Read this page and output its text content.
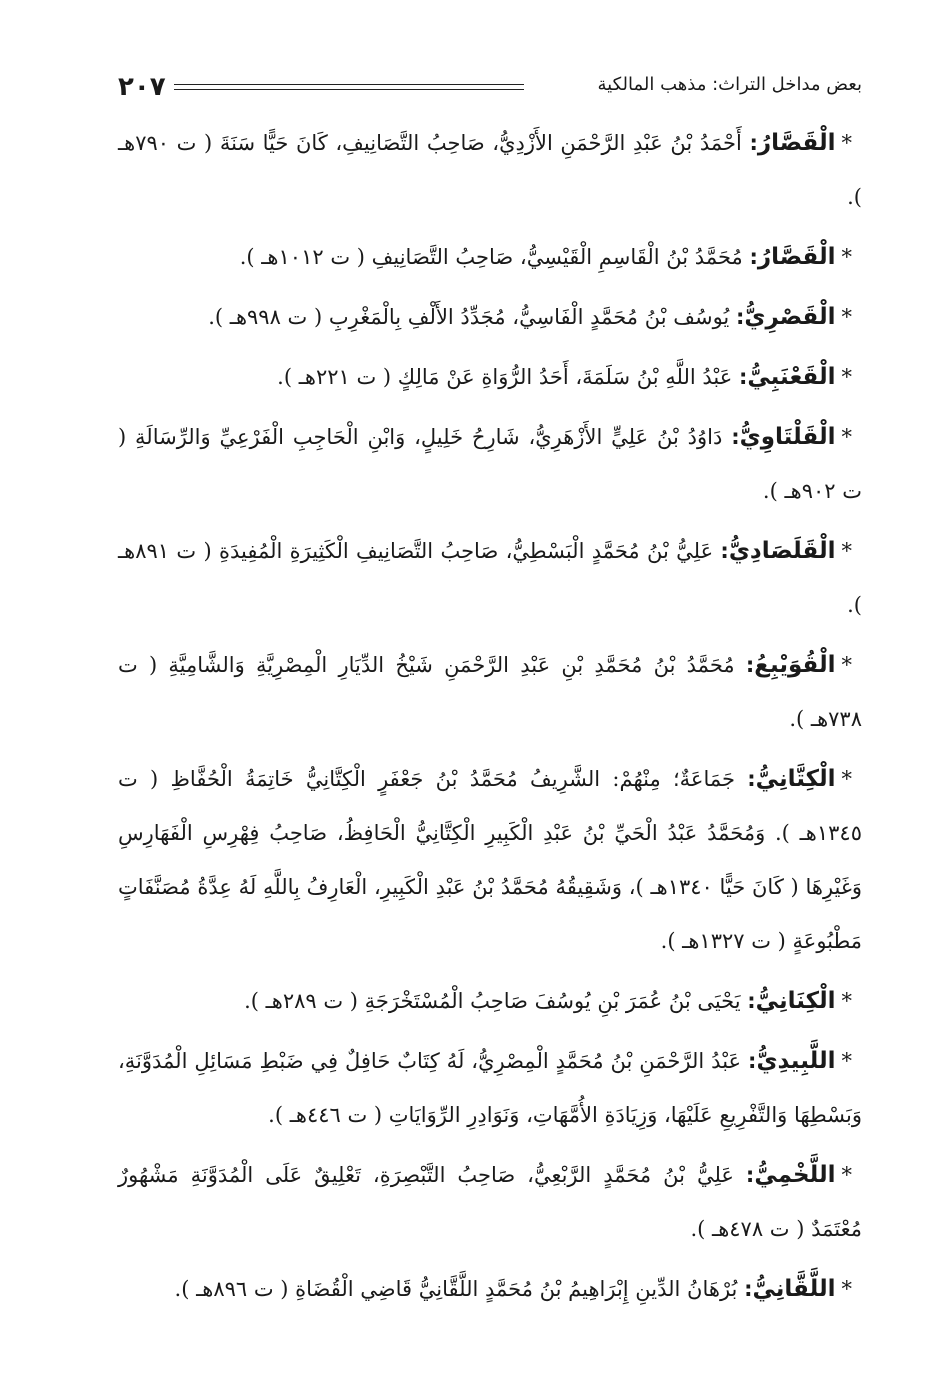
٢٠٧	بعض مداخل التراث: مذهب المالكية

*الْقَصَّارُ: أَحْمَدُ بْنُ عَبْدِ الرَّحْمَنِ الأَزْدِيُّ، صَاحِبُ التَّصَانِيفِ، كَانَ حَيًّا سَنَةَ ( ت ٧٩٠هـ ).

*الْقَصَّارُ: مُحَمَّدُ بْنُ الْقَاسِمِ الْقَيْسِيُّ، صَاحِبُ التَّصَانِيفِ ( ت ١٠١٢هـ ).

*الْقَصْرِيُّ: يُوسُف بْنُ مُحَمَّدٍ الْفَاسِيُّ، مُجَدِّدُ الأَلْفِ بِالْمَغْرِبِ ( ت ٩٩٨هـ ).

*الْقَعْنَبِيُّ: عَبْدُ اللَّهِ بْنُ سَلَمَةَ، أَحَدُ الرُّوَاةِ عَنْ مَالِكٍ ( ت ٢٢١هـ ).

*الْقَلْتَاوِيُّ: دَاوُدُ بْنُ عَلِيٍّ الأَزْهَرِيُّ، شَارِحُ خَلِيلٍ، وَابْنِ الْحَاجِبِ الْفَرْعِيِّ وَالرِّسَالَةِ ( ت ٩٠٢هـ ).

*الْقَلَصَادِيُّ: عَلِيُّ بْنُ مُحَمَّدٍ الْبَسْطِيُّ، صَاحِبُ التَّصَانِيفِ الْكَثِيرَةِ الْمُفِيدَةِ ( ت ٨٩١هـ ).

*الْقُوَيْبِعُ: مُحَمَّدُ بْنُ مُحَمَّدِ بْنِ عَبْدِ الرَّحْمَنِ شَيْخُ الدِّيَارِ الْمِصْرِيَّةِ وَالشَّامِيَّةِ ( ت ٧٣٨هـ ).

*الْكِتَّانِيُّ: جَمَاعَةٌ؛ مِنْهُمْ: الشَّرِيفُ مُحَمَّدُ بْنُ جَعْفَرٍ الْكِتَّانِيُّ خَاتِمَةُ الْحُفَّاظِ ( ت ١٣٤٥هـ ). وَمُحَمَّدُ عَبْدُ الْحَيِّ بْنُ عَبْدِ الْكَبِيرِ الْكِتَّانِيُّ الْحَافِظُ، صَاحِبُ فِهْرِسِ الْفَهَارِسِ وَغَيْرِهَا ( كَانَ حَيًّا ١٣٤٠هـ )، وَشَقِيقُهُ مُحَمَّدُ بْنُ عَبْدِ الْكَبِيرِ، الْعَارِفُ بِاللَّهِ لَهُ عِدَّةُ مُصَنَّفَاتٍ مَطْبُوعَةٍ ( ت ١٣٢٧هـ ).

*الْكِنَانِيُّ: يَحْيَى بْنُ عُمَرَ بْنِ يُوسُفَ صَاحِبُ الْمُسْتَخْرَجَةِ ( ت ٢٨٩هـ ).

*اللَّبِيدِيُّ: عَبْدُ الرَّحْمَنِ بْنُ مُحَمَّدٍ الْمِصْرِيُّ، لَهُ كِتَابٌ حَافِلٌ فِي ضَبْطِ مَسَائِلِ الْمُدَوَّنَةِ، وَبَسْطِهَا وَالتَّفْرِيعِ عَلَيْهَا، وَزِيَادَةِ الأُمَّهَاتِ، وَنَوَادِرِ الرِّوَايَاتِ ( ت ٤٤٦هـ ).

*اللَّخْمِيُّ: عَلِيُّ بْنُ مُحَمَّدٍ الرَّبْعِيُّ، صَاحِبُ التَّبْصِرَةِ، تَعْلِيقٌ عَلَى الْمُدَوَّنَةِ مَشْهُورٌ مُعْتَمَدٌ ( ت ٤٧٨هـ ).

*اللَّقَّانِيُّ: بُرْهَانُ الدِّينِ إِبْرَاهِيمُ بْنُ مُحَمَّدٍ اللَّقَّانِيُّ قَاضِي الْقُضَاةِ ( ت ٨٩٦هـ ).
